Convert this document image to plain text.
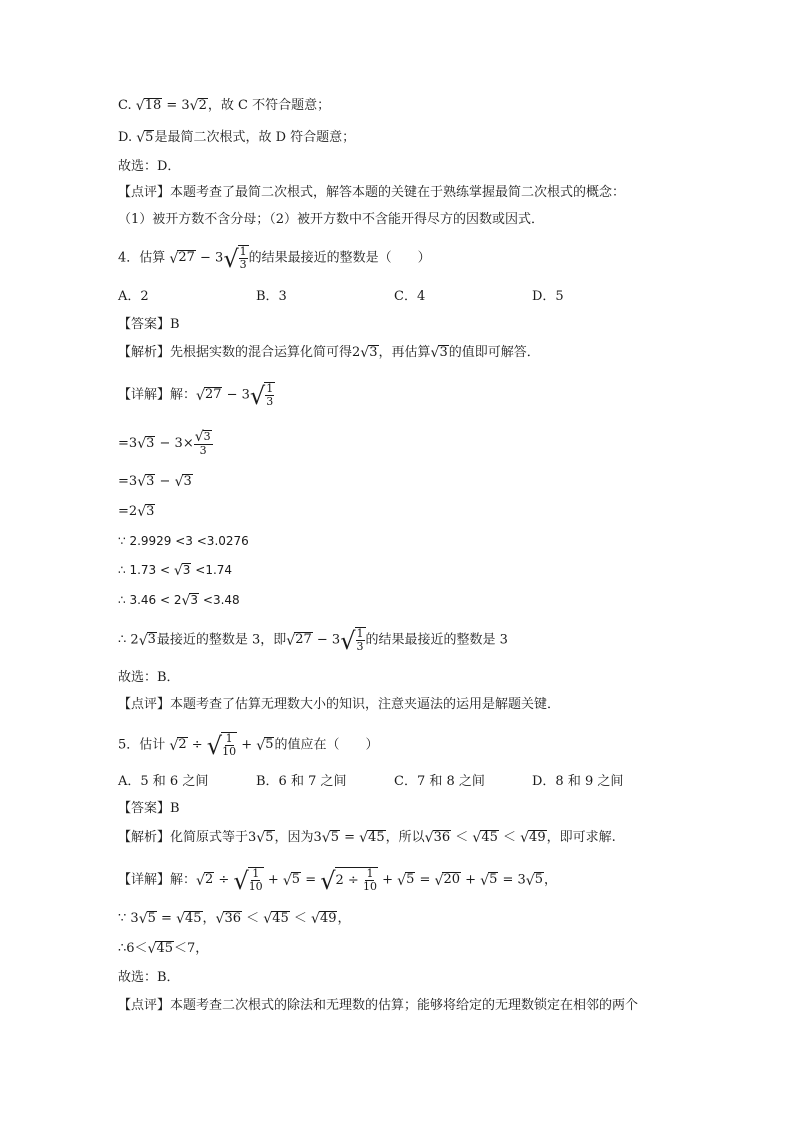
C. √ 18 = 3 √ 2 ，故 C 不符合题意；
D. √ 5 是最简二次根式，故 D 符合题意；
故选：D．
【点评】本题考查了最简二次根式，解答本题的关键在于熟练掌握最简二次根式的概念：
（1）被开方数不含分母；（2）被开方数中不含能开得尽方的因数或因式．
4．估算 √ 27 − 3 √ $\frac{1}{3}$ 的结果最接近的整数是（　　）
A．2	B．3	C．4	D．5
【答案】B
【解析】先根据实数的混合运算化简可得2 √ 3 ，再估算 √ 3 的值即可解答．
【详解】解： √ 27 − 3 √ $\frac{1}{3}$
=3 √ $3 - 3\times \frac{√ 3}{3}$
=3 √ 3 − √ 3
=2 √ 3
∵ 2.9929 <3 <3.0276
∴ 1.73 < √ 3 <1.74
∴ 3.46 < 2 √ 3 <3.48
∴ 2 √ 3 最接近的整数是 3，即 √ 27 − 3 √ $\frac{1}{3}$ 的结果最接近的整数是 3
故选：B．
【点评】本题考查了估算无理数大小的知识，注意夹逼法的运用是解题关键．
5．估计 √ 2 ÷ √ $\frac{1}{10}$ + √ 5 的值应在（　　）
A．5 和 6 之间	B．6 和 7 之间	C．7 和 8 之间	D．8 和 9 之间
【答案】B
【解析】化简原式等于3 √ 5 ，因为3 √ 5 = √ 45 ，所以 √ 36 ＜ √ 45 ＜ √ 49 ，即可求解.
【详解】解： √ 2 ÷ √ $\frac{1}{10}$ + √ 5 = √ $2 \div \frac{1}{10}$ + √ 5 = √ 20 + √ 5 = 3 √ 5 ，
∵ 3 √ 5 = √ 45 ， √ 36 ＜ √ 45 ＜ √ 49 ，
∴6＜ √ 45 ＜7，
故选：B．
【点评】本题考查二次根式的除法和无理数的估算；能够将给定的无理数锁定在相邻的两个
